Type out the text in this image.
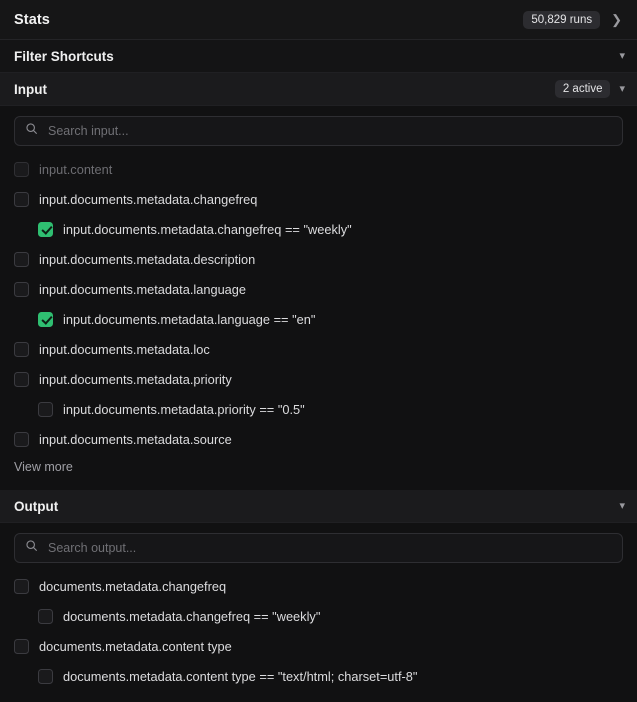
Stats	50,829 runs	❯
Filter Shortcuts	▾
Input	2 active	▾
Search input...
input.content
input.documents.metadata.changefreq
input.documents.metadata.changefreq == "weekly"
input.documents.metadata.description
input.documents.metadata.language
input.documents.metadata.language == "en"
input.documents.metadata.loc
input.documents.metadata.priority
input.documents.metadata.priority == "0.5"
input.documents.metadata.source
View more
Output	▾
Search output...
documents.metadata.changefreq
documents.metadata.changefreq == "weekly"
documents.metadata.content type
documents.metadata.content type == "text/html; charset=utf-8"
